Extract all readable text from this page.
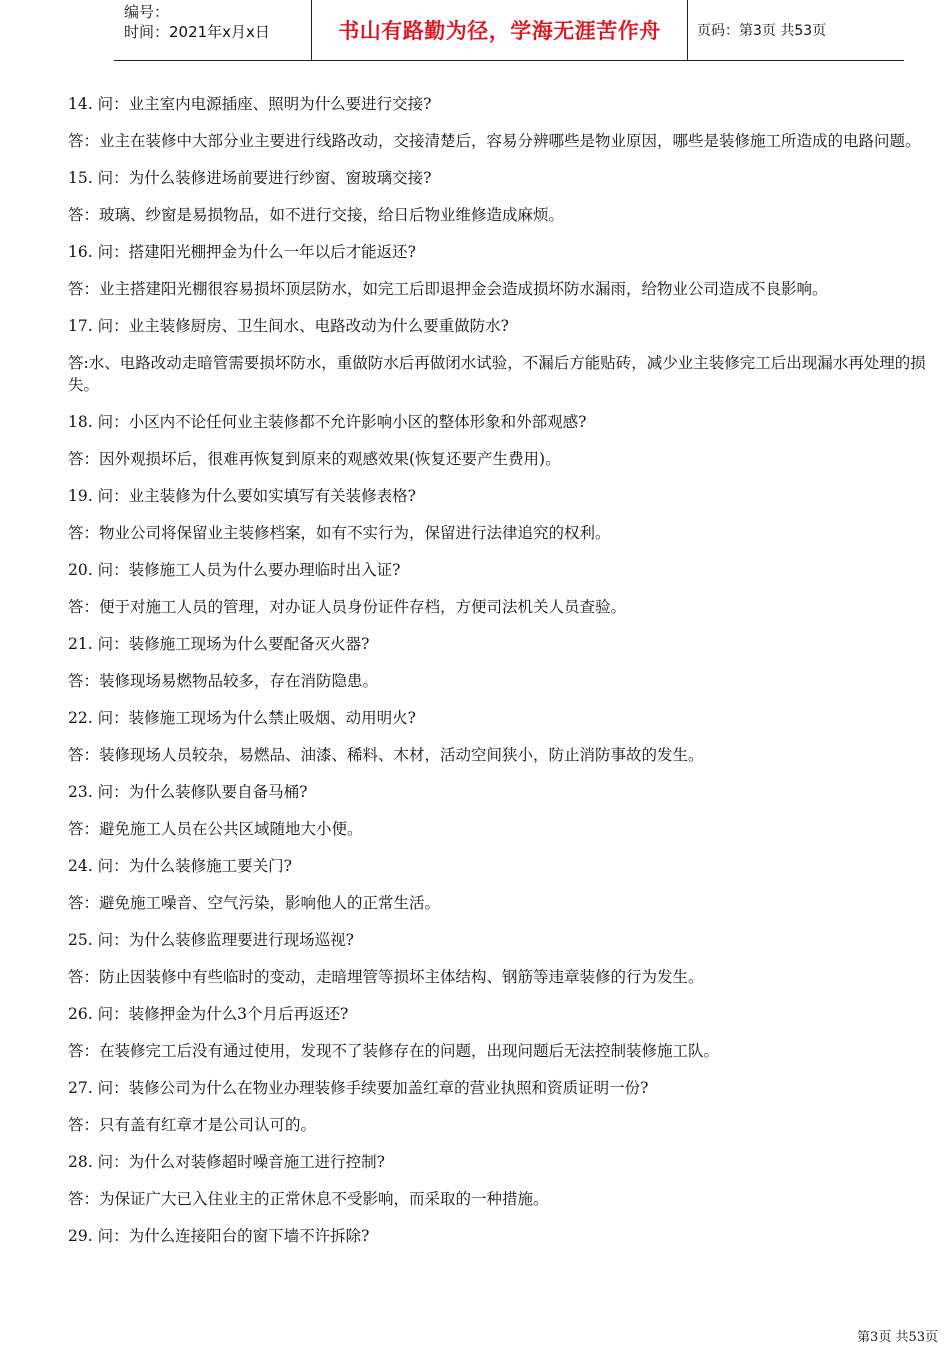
编号：
时间：2021年x月x日	书山有路勤为径，学海无涯苦作舟	页码：第3页 共53页

14. 问：业主室内电源插座、照明为什么要进行交接?

答：业主在装修中大部分业主要进行线路改动，交接清楚后，容易分辨哪些是物业原因，哪些是装修施工所造成的电路问题。

15. 问：为什么装修进场前要进行纱窗、窗玻璃交接?

答：玻璃、纱窗是易损物品，如不进行交接，给日后物业维修造成麻烦。

16. 问：搭建阳光棚押金为什么一年以后才能返还?

答：业主搭建阳光棚很容易损坏顶层防水，如完工后即退押金会造成损坏防水漏雨，给物业公司造成不良影响。

17. 问：业主装修厨房、卫生间水、电路改动为什么要重做防水?

答:水、电路改动走暗管需要损坏防水，重做防水后再做闭水试验，不漏后方能贴砖，减少业主装修完工后出现漏水再处理的损失。

18. 问：小区内不论任何业主装修都不允许影响小区的整体形象和外部观感?

答：因外观损坏后，很难再恢复到原来的观感效果(恢复还要产生费用)。

19. 问：业主装修为什么要如实填写有关装修表格?

答：物业公司将保留业主装修档案，如有不实行为，保留进行法律追究的权利。

20. 问：装修施工人员为什么要办理临时出入证?

答：便于对施工人员的管理，对办证人员身份证件存档，方便司法机关人员查验。

21. 问：装修施工现场为什么要配备灭火器?

答：装修现场易燃物品较多，存在消防隐患。

22. 问：装修施工现场为什么禁止吸烟、动用明火?

答：装修现场人员较杂，易燃品、油漆、稀料、木材，活动空间狭小，防止消防事故的发生。

23. 问：为什么装修队要自备马桶?

答：避免施工人员在公共区域随地大小便。

24. 问：为什么装修施工要关门?

答：避免施工噪音、空气污染，影响他人的正常生活。

25. 问：为什么装修监理要进行现场巡视?

答：防止因装修中有些临时的变动，走暗埋管等损坏主体结构、钢筋等违章装修的行为发生。

26. 问：装修押金为什么3个月后再返还?

答：在装修完工后没有通过使用，发现不了装修存在的问题，出现问题后无法控制装修施工队。

27. 问：装修公司为什么在物业办理装修手续要加盖红章的营业执照和资质证明一份?

答：只有盖有红章才是公司认可的。

28. 问：为什么对装修超时噪音施工进行控制?

答：为保证广大已入住业主的正常休息不受影响，而采取的一种措施。

29. 问：为什么连接阳台的窗下墙不许拆除?

第3页 共53页
